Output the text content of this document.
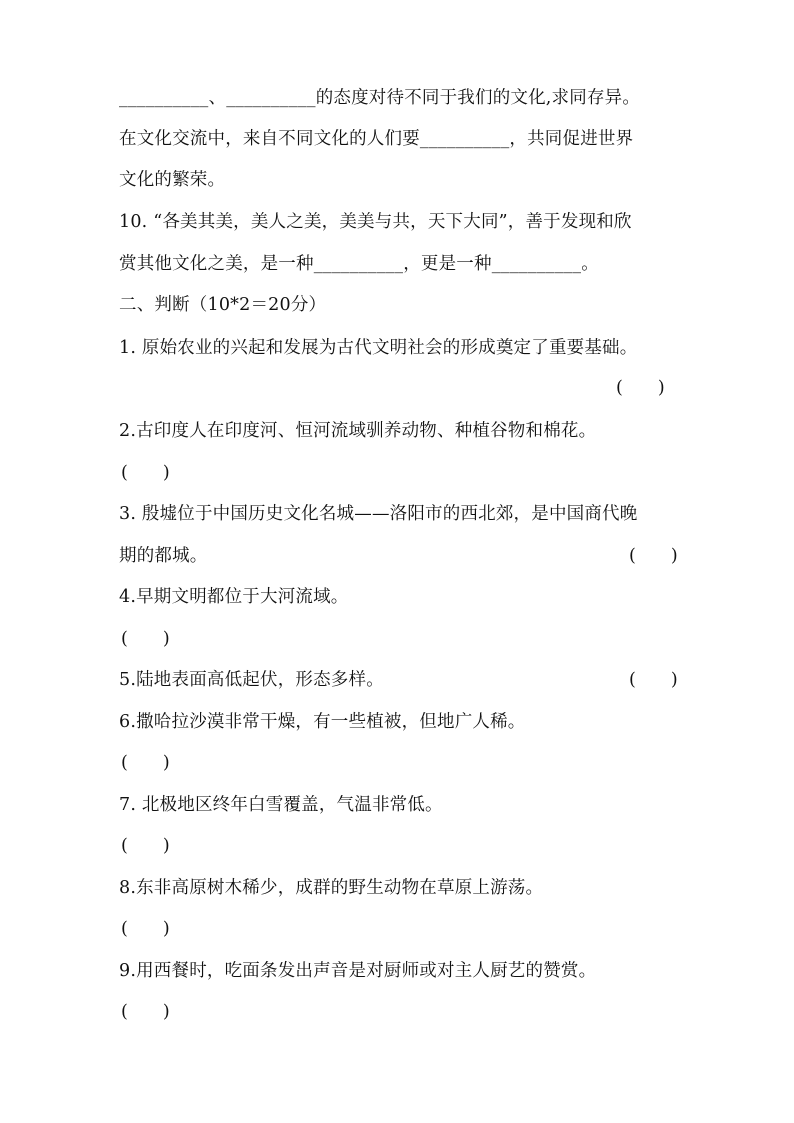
__________、__________的态度对待不同于我们的文化,求同存异。
在文化交流中，来自不同文化的人们要__________，共同促进世界
文化的繁荣。
10. “各美其美，美人之美，美美与共，天下大同”，善于发现和欣
赏其他文化之美，是一种__________，更是一种__________。
二、判断（10*2＝20分）
1. 原始农业的兴起和发展为古代文明社会的形成奠定了重要基础。
(　　)
2.古印度人在印度河、恒河流域驯养动物、种植谷物和棉花。
(　　)
3. 殷墟位于中国历史文化名城——洛阳市的西北郊，是中国商代晚
期的都城。	(　　)
4.早期文明都位于大河流域。
(　　)
5.陆地表面高低起伏，形态多样。	(　　)
6.撒哈拉沙漠非常干燥，有一些植被，但地广人稀。
(　　)
7. 北极地区终年白雪覆盖，气温非常低。
(　　)
8.东非高原树木稀少，成群的野生动物在草原上游荡。
(　　)
9.用西餐时，吃面条发出声音是对厨师或对主人厨艺的赞赏。
(　　)
